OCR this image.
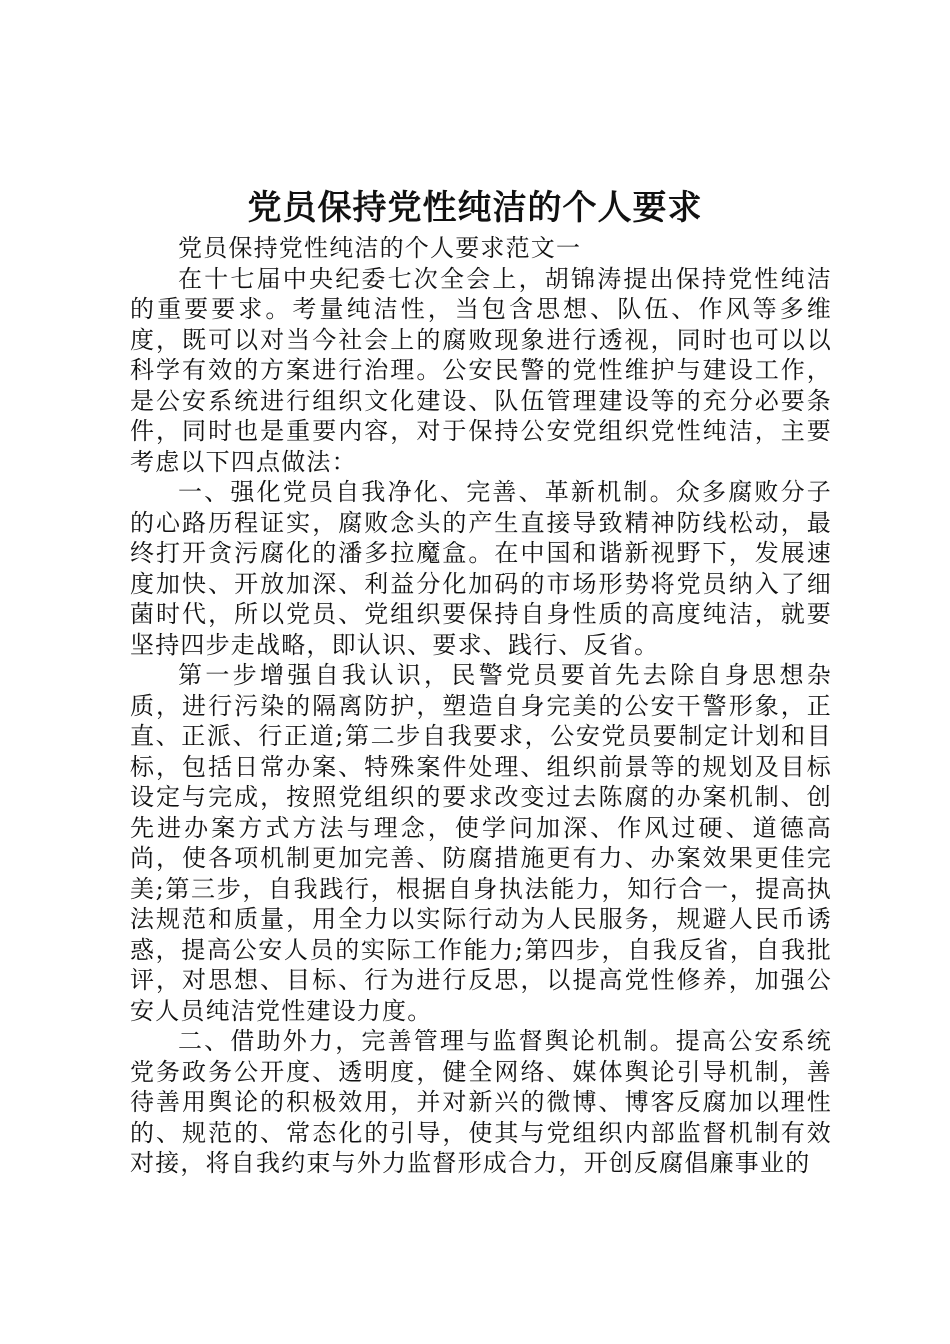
党员保持党性纯洁的个人要求

党员保持党性纯洁的个人要求范文一

在十七届中央纪委七次全会上，胡锦涛提出保持党性纯洁的重要要求。考量纯洁性，当包含思想、队伍、作风等多维度，既可以对当今社会上的腐败现象进行透视，同时也可以以科学有效的方案进行治理。公安民警的党性维护与建设工作，是公安系统进行组织文化建设、队伍管理建设等的充分必要条件，同时也是重要内容，对于保持公安党组织党性纯洁，主要考虑以下四点做法：

一、强化党员自我净化、完善、革新机制。众多腐败分子的心路历程证实，腐败念头的产生直接导致精神防线松动，最终打开贪污腐化的潘多拉魔盒。在中国和谐新视野下，发展速度加快、开放加深、利益分化加码的市场形势将党员纳入了细菌时代，所以党员、党组织要保持自身性质的高度纯洁，就要坚持四步走战略，即认识、要求、践行、反省。

第一步增强自我认识，民警党员要首先去除自身思想杂质，进行污染的隔离防护，塑造自身完美的公安干警形象，正直、正派、行正道;第二步自我要求，公安党员要制定计划和目标，包括日常办案、特殊案件处理、组织前景等的规划及目标设定与完成，按照党组织的要求改变过去陈腐的办案机制、创先进办案方式方法与理念，使学问加深、作风过硬、道德高尚，使各项机制更加完善、防腐措施更有力、办案效果更佳完美;第三步，自我践行，根据自身执法能力，知行合一，提高执法规范和质量，用全力以实际行动为人民服务，规避人民币诱惑，提高公安人员的实际工作能力;第四步，自我反省，自我批评，对思想、目标、行为进行反思，以提高党性修养，加强公安人员纯洁党性建设力度。

二、借助外力，完善管理与监督舆论机制。提高公安系统党务政务公开度、透明度，健全网络、媒体舆论引导机制，善待善用舆论的积极效用，并对新兴的微博、博客反腐加以理性的、规范的、常态化的引导，使其与党组织内部监督机制有效对接，将自我约束与外力监督形成合力，开创反腐倡廉事业的
